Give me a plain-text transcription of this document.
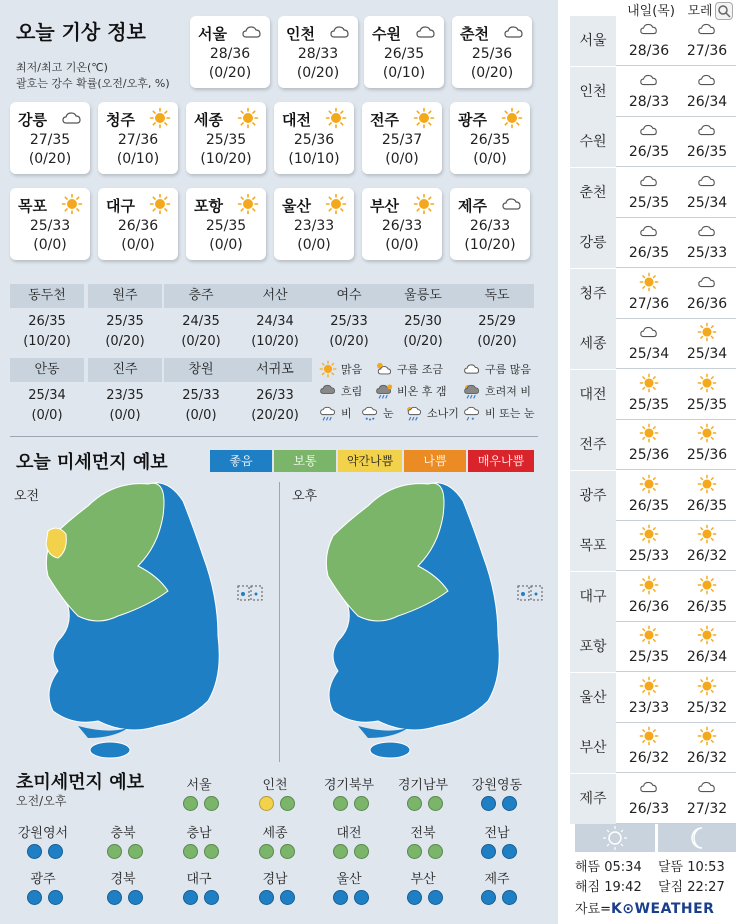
오늘 기상 정보
최저/최고 기온(℃)
괄호는 강수 확률(오전/오후, %)
서울
28/36
(0/20)
인천
28/33
(0/20)
수원
26/35
(0/10)
춘천
25/36
(0/20)
강릉
27/35
(0/20)
청주
27/36
(0/10)
세종
25/35
(10/20)
대전
25/36
(10/10)
전주
25/37
(0/0)
광주
26/35
(0/0)
목포
25/33
(0/0)
대구
26/36
(0/0)
포항
25/35
(0/0)
울산
23/33
(0/0)
부산
26/33
(0/0)
제주
26/33
(10/20)
동두천
26/35
(10/20)
원주
25/35
(0/20)
충주
24/35
(0/20)
서산
24/34
(10/20)
여수
25/33
(0/20)
울릉도
25/30
(0/20)
독도
25/29
(0/20)
안동
25/34
(0/0)
진주
23/35
(0/0)
창원
25/33
(0/0)
서귀포
26/33
(20/20)
맑음	구름 조금	구름 많음
흐림	비온 후 갬	흐려져 비
비	눈	소나기 비 또는 눈
오늘 미세먼지 예보	좋음	보통	약간나쁨	나쁨	매우나쁨
오전	오후
초미세먼지 예보
오전/오후
서울	인천	경기북부	경기남부	강원영동
강원영서	충북	충남	세종	대전	전북	전남
광주	경북	대구	경남	울산	부산	제주
내일(목) 모레
서울
28/36	27/36
인천
28/33	26/34
수원
26/35	26/35
춘천
25/35	25/34
강릉
26/35	25/33
청주
27/36	26/36
세종
25/34	25/34
대전
25/35	25/35
전주
25/36	25/36
광주
26/35	26/35
목포
25/33	26/32
대구
26/36	26/35
포항
25/35	26/34
울산
23/33	25/32
부산
26/32	26/32
제주
26/33	27/32
해뜸 05:34
해짐 19:42
달뜸 10:53
달짐 22:27
자료=K⊙WEATHER
